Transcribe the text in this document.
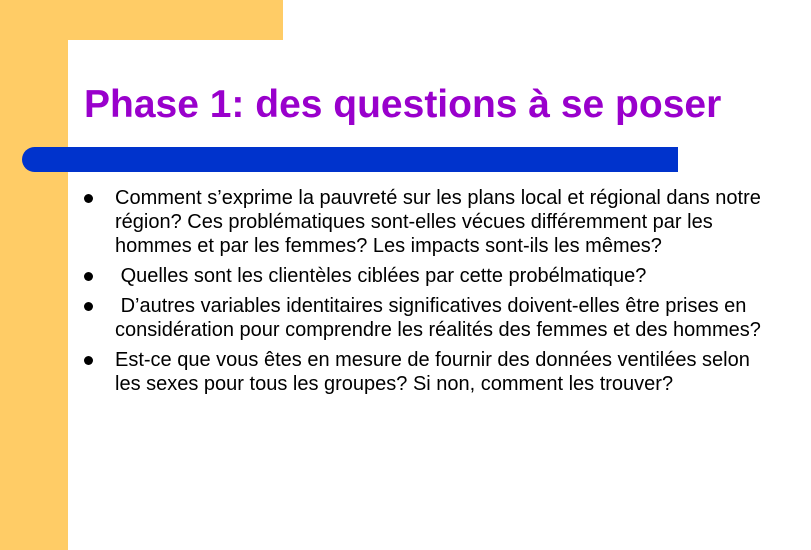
Phase 1: des questions à se poser
Comment s’exprime la pauvreté sur les plans local et régional dans notre région? Ces problématiques sont-elles vécues différemment par les hommes et par les femmes? Les impacts sont-ils les mêmes?
Quelles sont les clientèles ciblées par cette probélmatique?
D’autres variables identitaires significatives doivent-elles être prises en considération pour comprendre les réalités des femmes et des hommes?
Est-ce que vous êtes en mesure de fournir des données ventilées selon les sexes pour tous les groupes? Si non, comment les trouver?
